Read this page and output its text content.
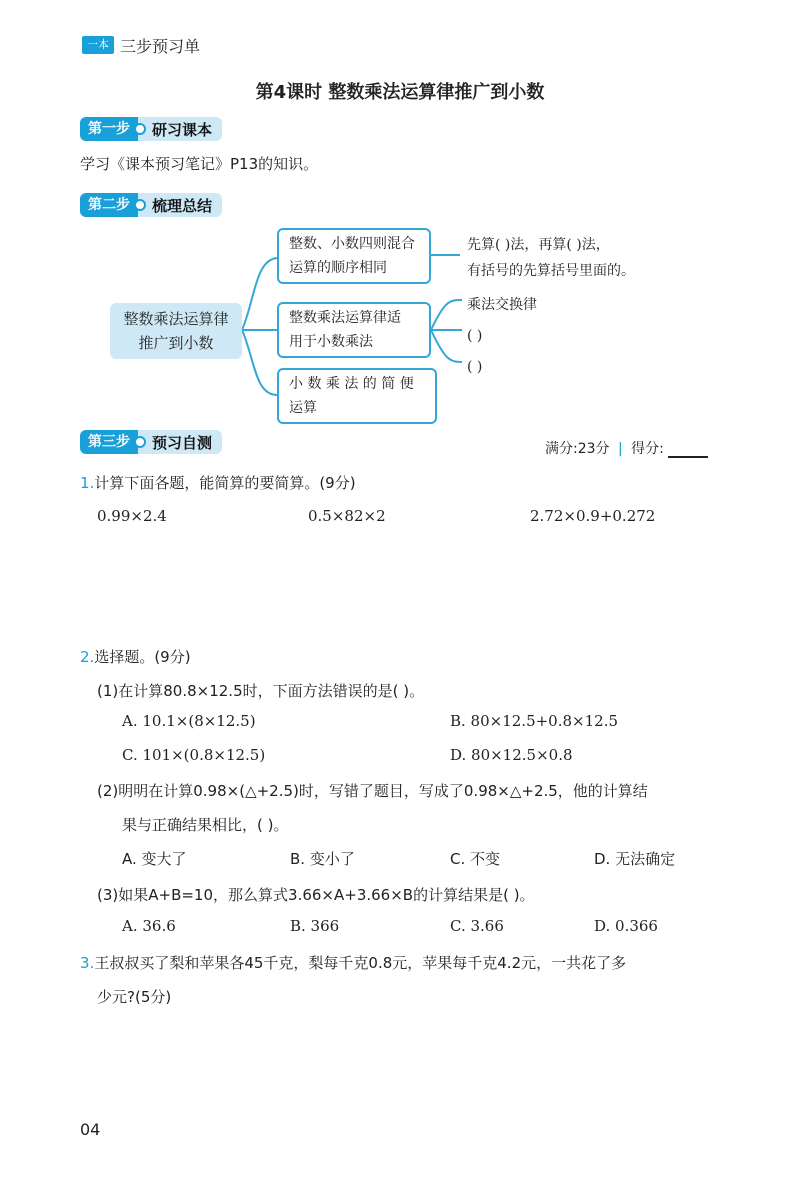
一本 三步预习单
第4课时 整数乘法运算律推广到小数
第一步	研习课本
学习《课本预习笔记》P13的知识。
第二步	梳理总结
整数乘法运算律
推广到小数
整数、小数四则混合
运算的顺序相同
整数乘法运算律适
用于小数乘法
小 数 乘 法 的 简 便
运算
先算( )法，再算( )法，
有括号的先算括号里面的。
乘法交换律
( )
( )
第三步	预习自测	满分:23分 | 得分:
1.计算下面各题，能简算的要简算。(9分)
0.99×2.4	0.5×82×2	2.72×0.9+0.272
2.选择题。(9分)
(1)在计算80.8×12.5时，下面方法错误的是( )。
A. 10.1×(8×12.5)	B. 80×12.5+0.8×12.5
C. 101×(0.8×12.5)	D. 80×12.5×0.8
(2)明明在计算0.98×(△+2.5)时，写错了题目，写成了0.98×△+2.5，他的计算结
果与正确结果相比，( )。
A. 变大了	B. 变小了	C. 不变	D. 无法确定
(3)如果A+B=10，那么算式3.66×A+3.66×B的计算结果是( )。
A. 36.6	B. 366	C. 3.66	D. 0.366
3.王叔叔买了梨和苹果各45千克，梨每千克0.8元，苹果每千克4.2元，一共花了多
少元?(5分)
04
